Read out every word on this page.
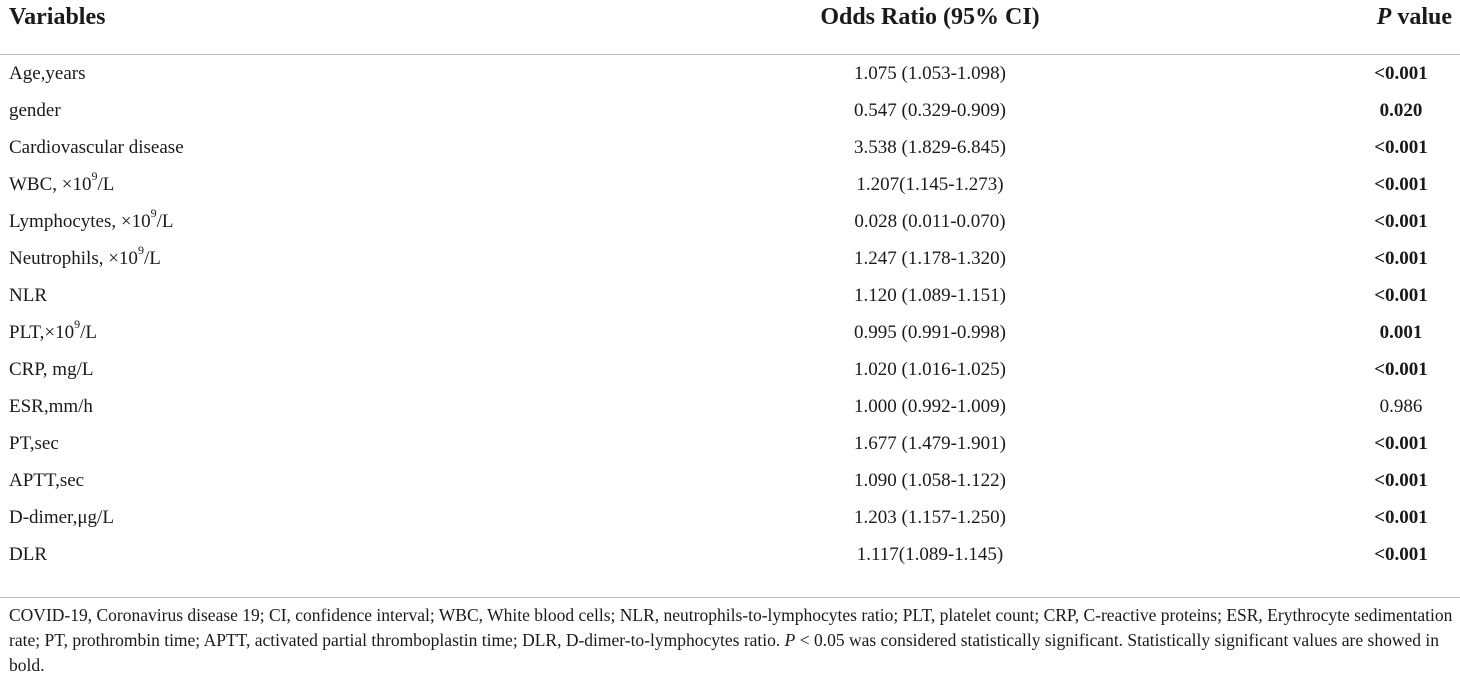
Variables	Odds Ratio (95% CI)	P value

Age,years	1.075 (1.053-1.098)	<0.001
gender	0.547 (0.329-0.909)	0.020
Cardiovascular disease	3.538 (1.829-6.845)	<0.001
WBC, $\times 10^9/L$	1.207(1.145-1.273)	<0.001
Lymphocytes, $\times 10^9/L$	0.028 (0.011-0.070)	<0.001
Neutrophils, $\times 10^9/L$	1.247 (1.178-1.320)	<0.001
NLR	1.120 (1.089-1.151)	<0.001
$PLT,\times 10^9/L$	0.995 (0.991-0.998)	0.001
CRP, mg/L	1.020 (1.016-1.025)	<0.001
ESR,mm/h	1.000 (0.992-1.009)	0.986
PT,sec	1.677 (1.479-1.901)	<0.001
APTT,sec	1.090 (1.058-1.122)	<0.001
D-dimer,μg/L	1.203 (1.157-1.250)	<0.001
DLR	1.117(1.089-1.145)	<0.001
COVID-19, Coronavirus disease 19; CI, confidence interval; WBC, White blood cells; NLR, neutrophils-to-lymphocytes ratio; PLT, platelet count; CRP, C-reactive proteins; ESR, Erythrocyte sedimentation rate; PT, prothrombin time; APTT, activated partial thromboplastin time; DLR, D-dimer-to-lymphocytes ratio. P < 0.05 was considered statistically significant. Statistically significant values are showed in bold.
